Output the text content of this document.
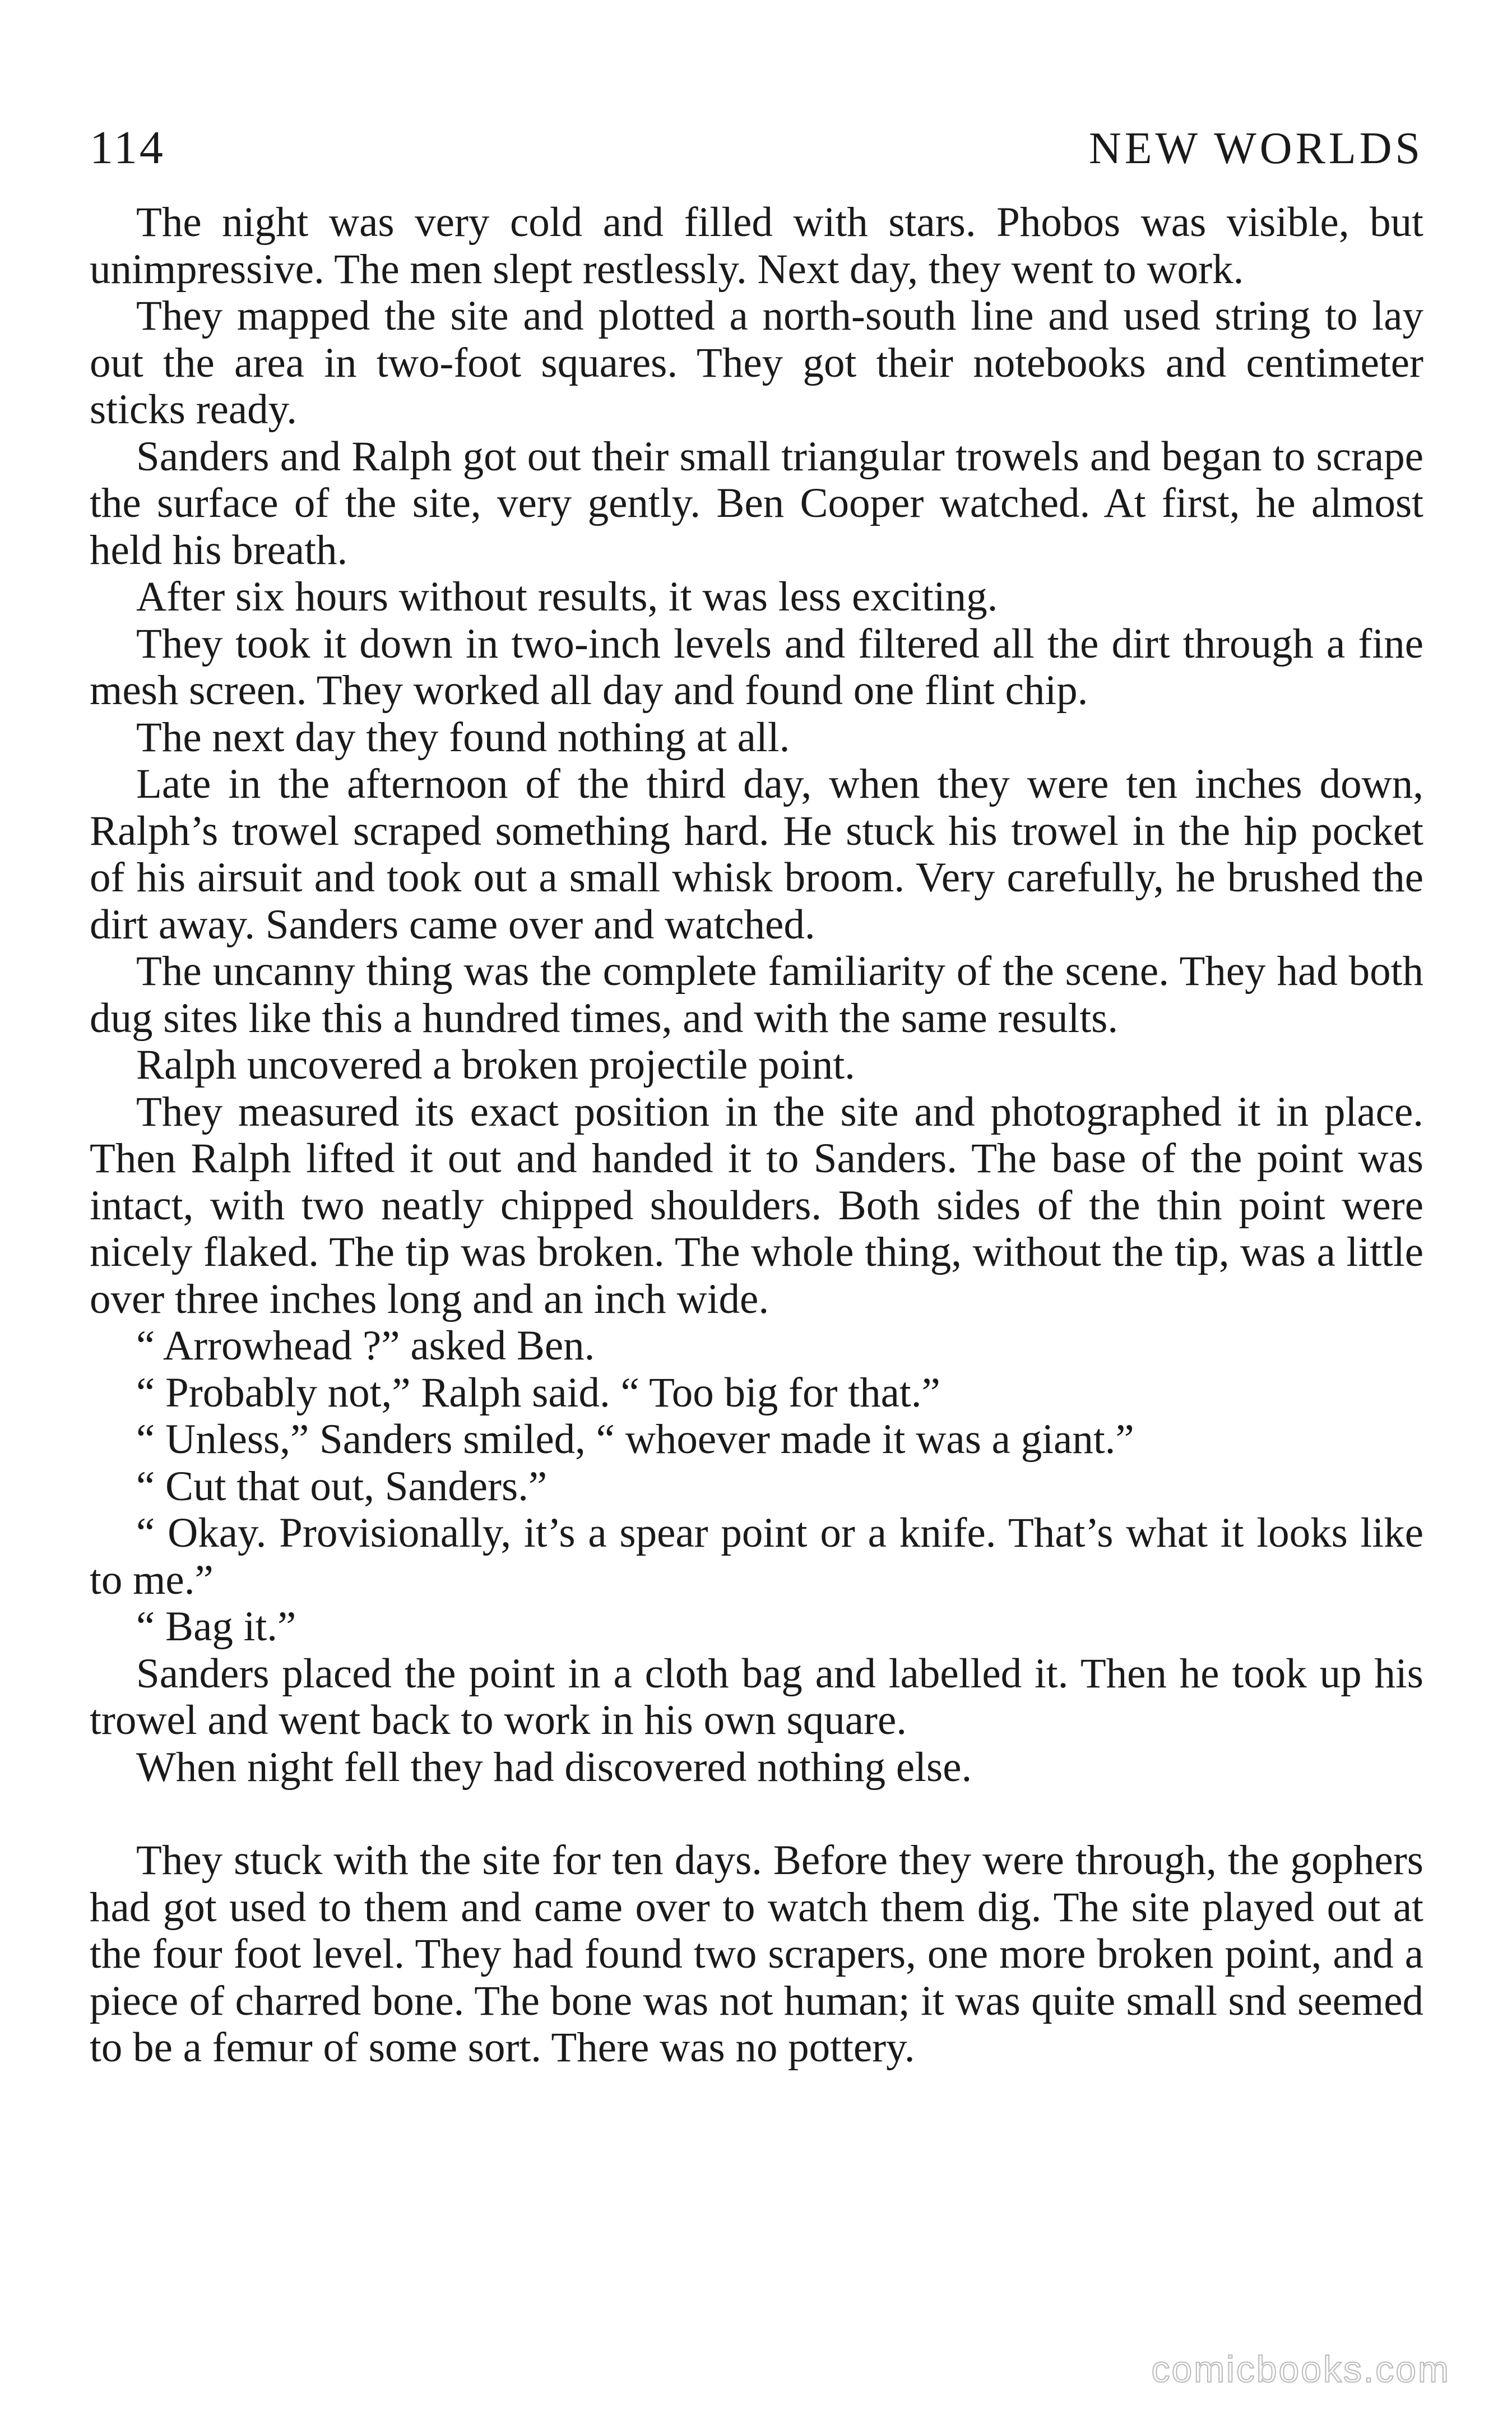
114	NEW WORLDS

The night was very cold and filled with stars. Phobos was visible, but unimpressive. The men slept restlessly. Next day, they went to work.

They mapped the site and plotted a north-south line and used string to lay out the area in two-foot squares. They got their notebooks and centimeter sticks ready.

Sanders and Ralph got out their small triangular trowels and began to scrape the surface of the site, very gently. Ben Cooper watched. At first, he almost held his breath.

After six hours without results, it was less exciting.

They took it down in two-inch levels and filtered all the dirt through a fine mesh screen. They worked all day and found one flint chip.

The next day they found nothing at all.

Late in the afternoon of the third day, when they were ten inches down, Ralph’s trowel scraped something hard. He stuck his trowel in the hip pocket of his airsuit and took out a small whisk broom. Very carefully, he brushed the dirt away. Sanders came over and watched.

The uncanny thing was the complete familiarity of the scene. They had both dug sites like this a hundred times, and with the same results.

Ralph uncovered a broken projectile point.

They measured its exact position in the site and photographed it in place. Then Ralph lifted it out and handed it to Sanders. The base of the point was intact, with two neatly chipped shoulders. Both sides of the thin point were nicely flaked. The tip was broken. The whole thing, without the tip, was a little over three inches long and an inch wide.

“ Arrowhead ?” asked Ben.

“ Probably not,” Ralph said. “ Too big for that.”

“ Unless,” Sanders smiled, “ whoever made it was a giant.”

“ Cut that out, Sanders.”

“ Okay. Provisionally, it’s a spear point or a knife. That’s what it looks like to me.”

“ Bag it.”

Sanders placed the point in a cloth bag and labelled it. Then he took up his trowel and went back to work in his own square.

When night fell they had discovered nothing else.

They stuck with the site for ten days. Before they were through, the gophers had got used to them and came over to watch them dig. The site played out at the four foot level. They had found two scrapers, one more broken point, and a piece of charred bone. The bone was not human; it was quite small snd seemed to be a femur of some sort. There was no pottery.

comicbooks.com
